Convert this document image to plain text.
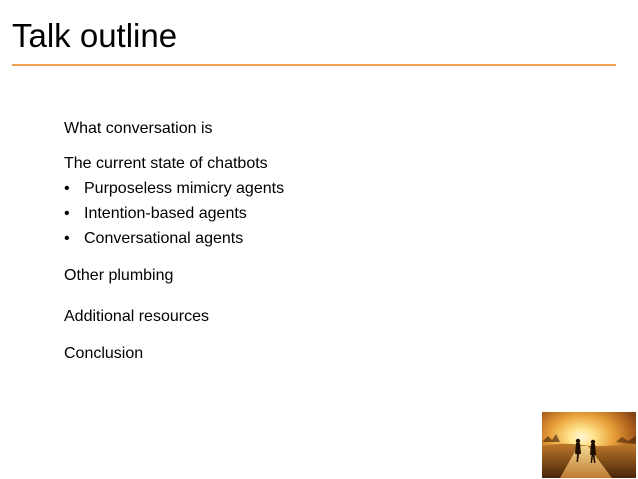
Talk outline
What conversation is
The current state of chatbots
• Purposeless mimicry agents
• Intention-based agents
• Conversational agents
Other plumbing
Additional resources
Conclusion
